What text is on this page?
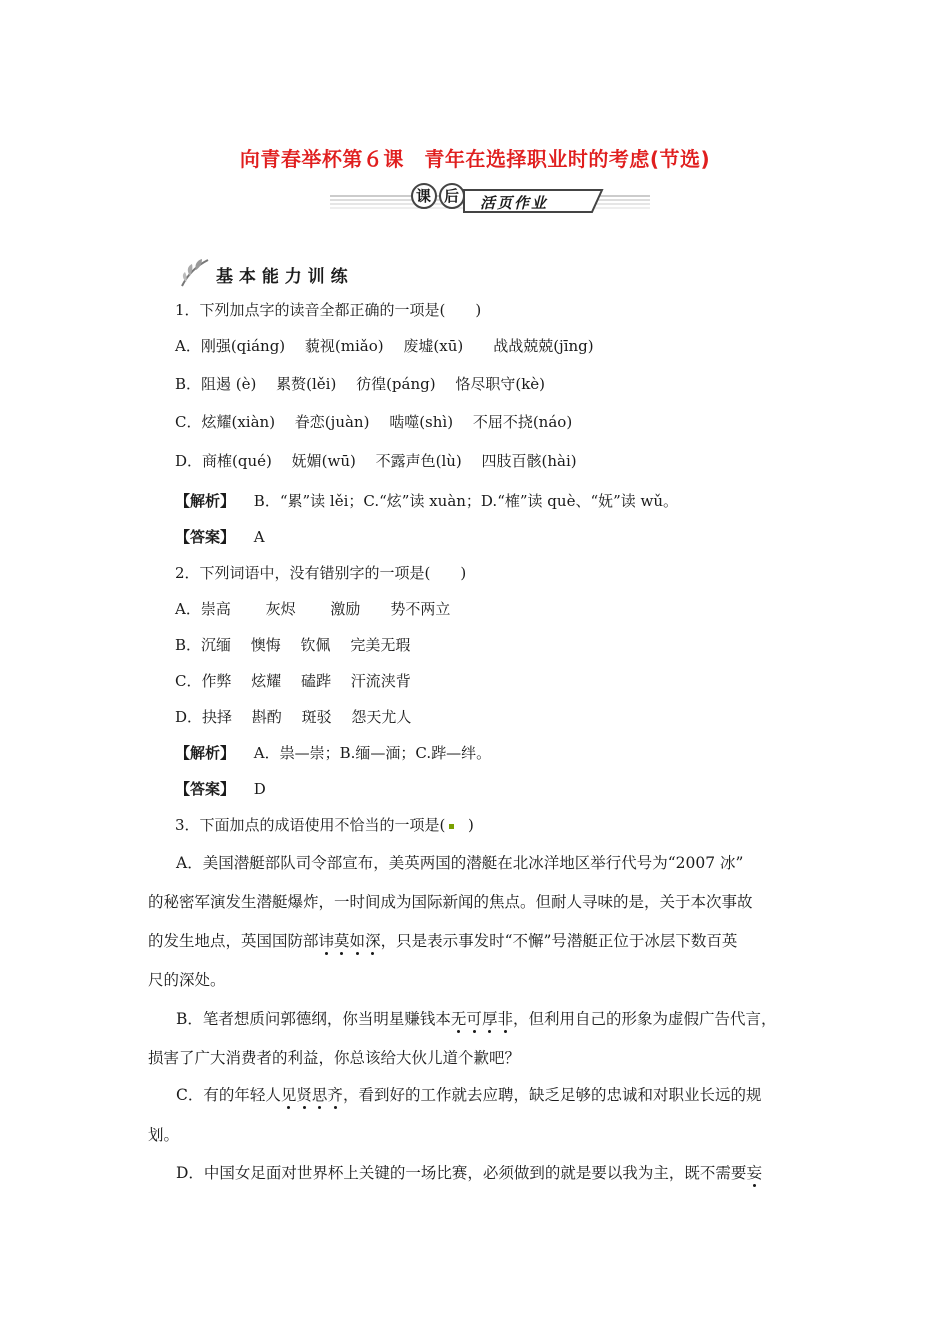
向青春举杯第６课　青年在选择职业时的考虑(节选)
课 后 活页作业
基 本 能 力 训 练
1．下列加点字的读音全都正确的一项是(　　)
A．刚强(qiáng)　 藐视(miǎo)　 废墟(xū)　　战战兢兢(jīng)
B．阻遏 (è)　 累赘(lěi)　 彷徨(páng)　 恪尽职守(kè)
C．炫耀(xiàn)　 眷恋(juàn)　 啮噬(shì)　 不屈不挠(náo)
D．商榷(qué)　 妩媚(wū)　 不露声色(lù)　 四肢百骸(hài)
【解析】 B．“累”读 lěi；C.“炫”读 xuàn；D.“榷”读 què、“妩”读 wǔ。
【答案】 A
2．下列词语中，没有错别字的一项是(　　)
A．崇高　　 灰烬　　 激励　　势不两立
B．沉缅　 懊悔　 钦佩　 完美无瑕
C．作弊　 炫耀　 磕跸　 汗流浃背
D．抉择　 斟酌　 斑驳　 怨天尤人
【解析】 A．祟—崇；B.缅—湎；C.跸—绊。
【答案】 D
3．下面加点的成语使用不恰当的一项是( )
A．美国潜艇部队司令部宣布，美英两国的潜艇在北冰洋地区举行代号为“2007 冰”
的秘密军演发生潜艇爆炸，一时间成为国际新闻的焦点。但耐人寻味的是，关于本次事故
的发生地点，英国国防部讳莫如深，只是表示事发时“不懈”号潜艇正位于冰层下数百英
尺的深处。
B．笔者想质问郭德纲，你当明星赚钱本无可厚非，但利用自己的形象为虚假广告代言，
损害了广大消费者的利益，你总该给大伙儿道个歉吧？
C．有的年轻人见贤思齐，看到好的工作就去应聘，缺乏足够的忠诚和对职业长远的规
划。
D．中国女足面对世界杯上关键的一场比赛，必须做到的就是要以我为主，既不需要妄
